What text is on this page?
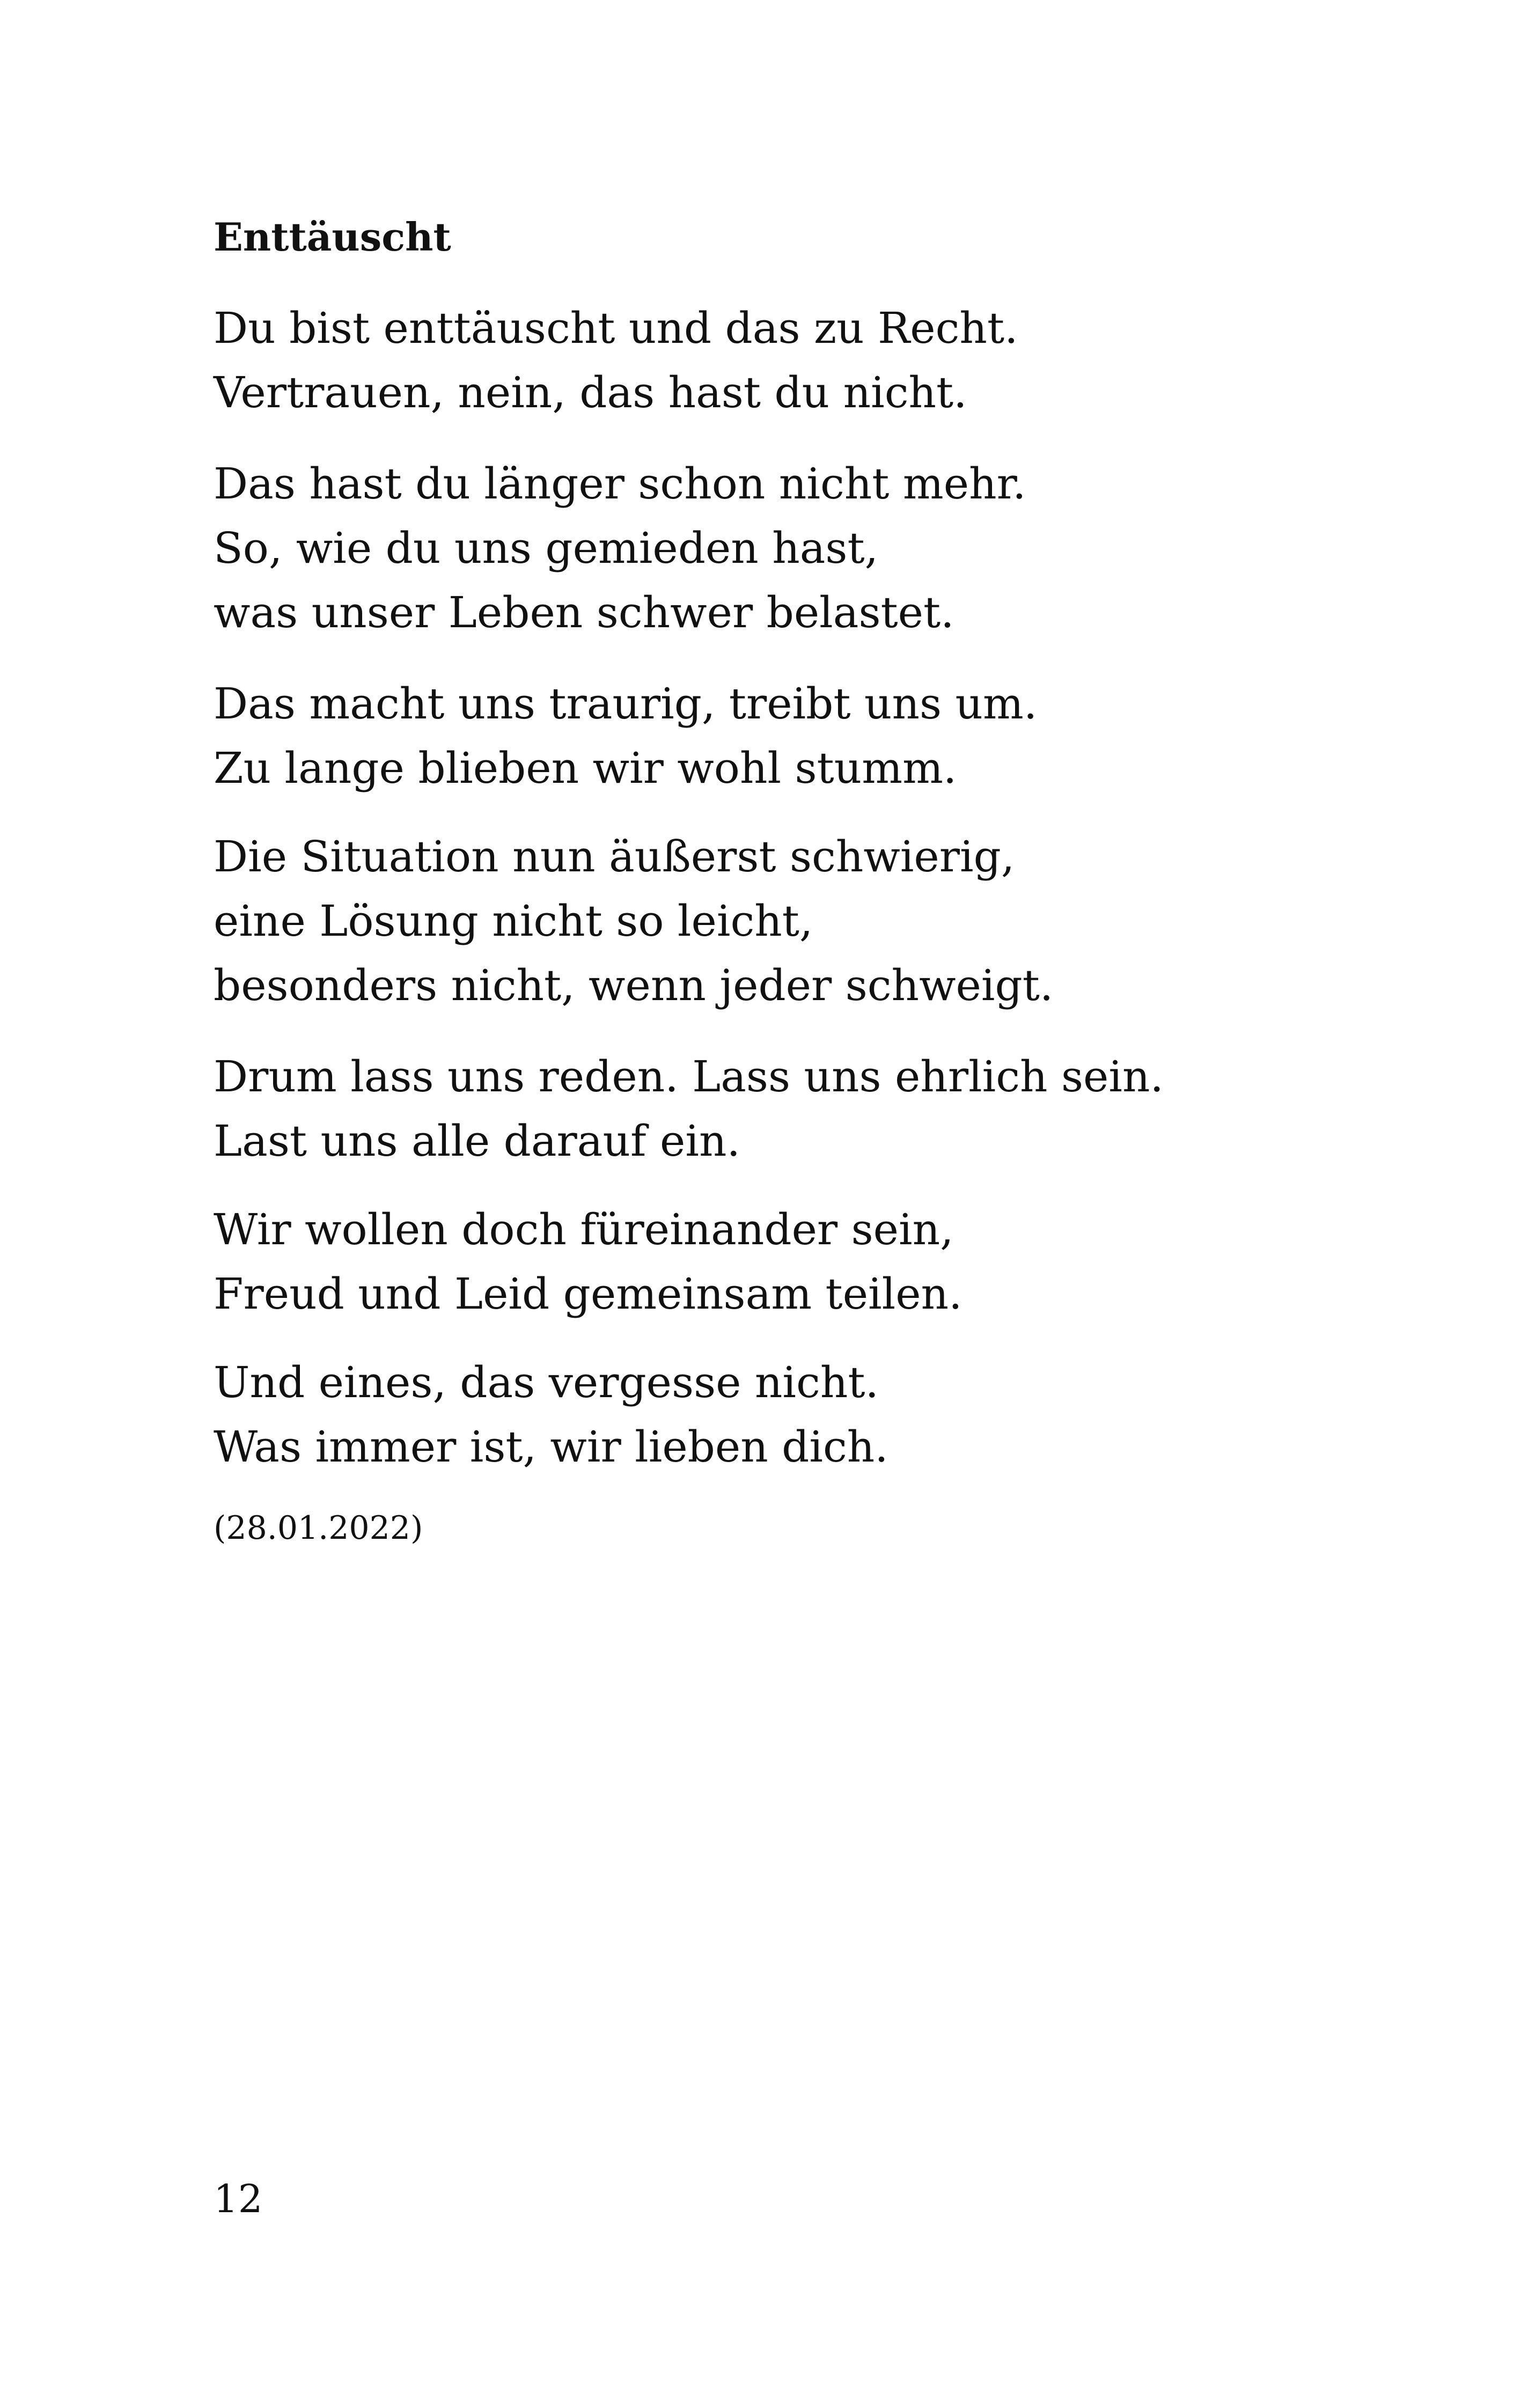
Enttäuscht

Du bist enttäuscht und das zu Recht.

Vertrauen, nein, das hast du nicht.

Das hast du länger schon nicht mehr.

So, wie du uns gemieden hast,

was unser Leben schwer belastet.

Das macht uns traurig, treibt uns um.

Zu lange blieben wir wohl stumm.

Die Situation nun äußerst schwierig,

eine Lösung nicht so leicht,

besonders nicht, wenn jeder schweigt.

Drum lass uns reden. Lass uns ehrlich sein.

Last uns alle darauf ein.

Wir wollen doch füreinander sein,

Freud und Leid gemeinsam teilen.

Und eines, das vergesse nicht.

Was immer ist, wir lieben dich.

(28.01.2022)

12
